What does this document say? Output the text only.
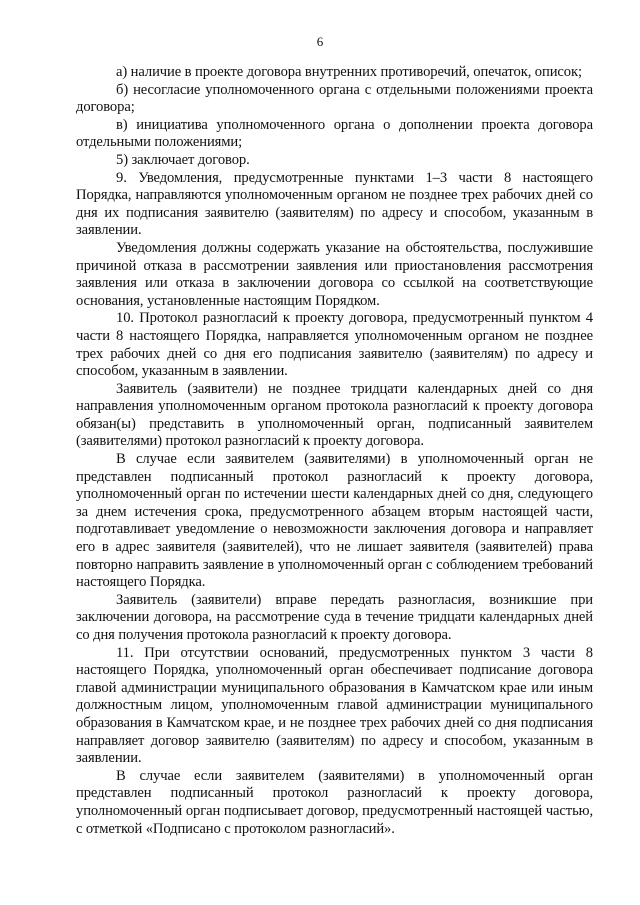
6

а) наличие в проекте договора внутренних противоречий, опечаток, описок;

б) несогласие уполномоченного органа с отдельными положениями проекта договора;

в) инициатива уполномоченного органа о дополнении проекта договора отдельными положениями;

5) заключает договор.

9. Уведомления, предусмотренные пунктами 1–3 части 8 настоящего Порядка, направляются уполномоченным органом не позднее трех рабочих дней со дня их подписания заявителю (заявителям) по адресу и способом, указанным в заявлении.

Уведомления должны содержать указание на обстоятельства, послужившие причиной отказа в рассмотрении заявления или приостановления рассмотрения заявления или отказа в заключении договора со ссылкой на соответствующие основания, установленные настоящим Порядком.

10. Протокол разногласий к проекту договора, предусмотренный пунктом 4 части 8 настоящего Порядка, направляется уполномоченным органом не позднее трех рабочих дней со дня его подписания заявителю (заявителям) по адресу и способом, указанным в заявлении.

Заявитель (заявители) не позднее тридцати календарных дней со дня направления уполномоченным органом протокола разногласий к проекту договора обязан(ы) представить в уполномоченный орган, подписанный заявителем (заявителями) протокол разногласий к проекту договора.

В случае если заявителем (заявителями) в уполномоченный орган не представлен подписанный протокол разногласий к проекту договора, уполномоченный орган по истечении шести календарных дней со дня, следующего за днем истечения срока, предусмотренного абзацем вторым настоящей части, подготавливает уведомление о невозможности заключения договора и направляет его в адрес заявителя (заявителей), что не лишает заявителя (заявителей) права повторно направить заявление в уполномоченный орган с соблюдением требований настоящего Порядка.

Заявитель (заявители) вправе передать разногласия, возникшие при заключении договора, на рассмотрение суда в течение тридцати календарных дней со дня получения протокола разногласий к проекту договора.

11. При отсутствии оснований, предусмотренных пунктом 3 части 8 настоящего Порядка, уполномоченный орган обеспечивает подписание договора главой администрации муниципального образования в Камчатском крае или иным должностным лицом, уполномоченным главой администрации муниципального образования в Камчатском крае, и не позднее трех рабочих дней со дня подписания направляет договор заявителю (заявителям) по адресу и способом, указанным в заявлении.

В случае если заявителем (заявителями) в уполномоченный орган представлен подписанный протокол разногласий к проекту договора, уполномоченный орган подписывает договор, предусмотренный настоящей частью, с отметкой «Подписано с протоколом разногласий».
